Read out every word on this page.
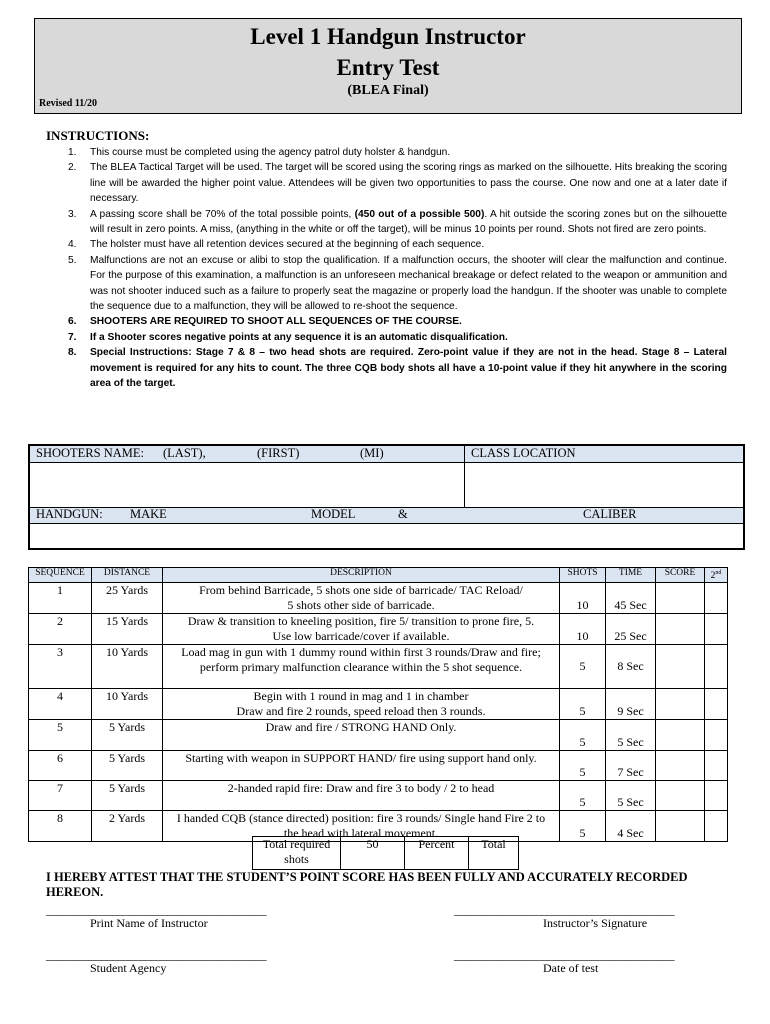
Level 1 Handgun Instructor
Entry Test
(BLEA Final)
Revised 11/20
INSTRUCTIONS:
1. This course must be completed using the agency patrol duty holster & handgun.
2. The BLEA Tactical Target will be used. The target will be scored using the scoring rings as marked on the silhouette. Hits breaking the scoring line will be awarded the higher point value. Attendees will be given two opportunities to pass the course. One now and one at a later date if necessary.
3. A passing score shall be 70% of the total possible points, (450 out of a possible 500). A hit outside the scoring zones but on the silhouette will result in zero points. A miss, (anything in the white or off the target), will be minus 10 points per round. Shots not fired are zero points.
4. The holster must have all retention devices secured at the beginning of each sequence.
5. Malfunctions are not an excuse or alibi to stop the qualification. If a malfunction occurs, the shooter will clear the malfunction and continue. For the purpose of this examination, a malfunction is an unforeseen mechanical breakage or defect related to the weapon or ammunition and was not shooter induced such as a failure to properly seat the magazine or properly load the handgun. If the shooter was unable to complete the sequence due to a malfunction, they will be allowed to re-shoot the sequence.
6. SHOOTERS ARE REQUIRED TO SHOOT ALL SEQUENCES OF THE COURSE.
7. If a Shooter scores negative points at any sequence it is an automatic disqualification.
8. Special Instructions: Stage 7 & 8 – two head shots are required. Zero-point value if they are not in the head. Stage 8 – Lateral movement is required for any hits to count. The three CQB body shots all have a 10-point value if they hit anywhere in the scoring area of the target.
SHOOTERS NAME: (LAST),	(FIRST)	(MI)	CLASS LOCATION
HANDGUN: MAKE	MODEL	&	CALIBER
SEQUENCE	DISTANCE	DESCRIPTION	SHOTS	TIME	SCORE	2nd
1	25 Yards	From behind Barricade, 5 shots one side of barricade/ TAC Reload/
5 shots other side of barricade.	10	45 Sec		
2	15 Yards	Draw & transition to kneeling position, fire 5/ transition to prone fire, 5.
Use low barricade/cover if available.	10	25 Sec		
3	10 Yards	Load mag in gun with 1 dummy round within first 3 rounds/Draw and fire;
perform primary malfunction clearance within the 5 shot sequence.	5	8 Sec		
4	10 Yards	Begin with 1 round in mag and 1 in chamber
Draw and fire 2 rounds, speed reload then 3 rounds.	5	9 Sec		
5	5 Yards	Draw and fire / STRONG HAND Only.	5	5 Sec		
6	5 Yards	Starting with weapon in SUPPORT HAND/ fire using support hand only.	5	7 Sec		
7	5 Yards	2-handed rapid fire: Draw and fire 3 to body / 2 to head	5	5 Sec		
8	2 Yards	I handed CQB (stance directed) position: fire 3 rounds/ Single hand Fire 2 to
the head with lateral movement.	5	4 Sec		
Total required
shots
	50	Percent	Total
I HEREBY ATTEST THAT THE STUDENT’S POINT SCORE HAS BEEN FULLY AND ACCURATELY RECORDED HEREON.
________________________________________
Print Name of Instructor
________________________________________
Instructor’s Signature
________________________________________
Student Agency
________________________________________
Date of test
